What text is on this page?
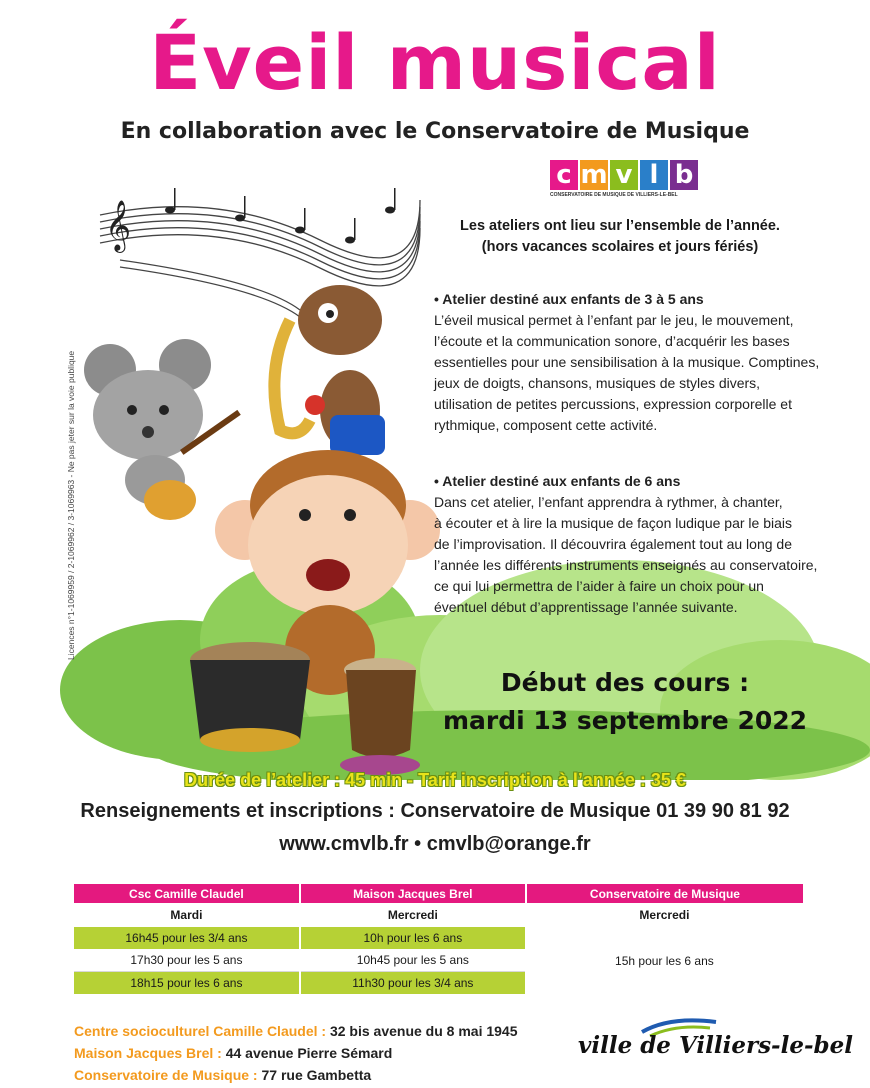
𝄞
Éveil musical
En collaboration avec le Conservatoire de Musique
c m v l b
CONSERVATOIRE DE MUSIQUE DE VILLIERS-LE-BEL
Les ateliers ont lieu sur l’ensemble de l’année.
(hors vacances scolaires et jours fériés)
• Atelier destiné aux enfants de 3 à 5 ans

L’éveil musical permet à l’enfant par le jeu, le mouvement,

l’écoute et la communication sonore, d’acquérir les bases

essentielles pour une sensibilisation à la musique. Comptines,

jeux de doigts, chansons, musiques de styles divers,

utilisation de petites percussions, expression corporelle et

rythmique, composent cette activité.

• Atelier destiné aux enfants de 6 ans

Dans cet atelier, l’enfant apprendra à rythmer, à chanter,

à écouter et à lire la musique de façon ludique par le biais

de l’improvisation. Il découvrira également tout au long de

l’année les différents instruments enseignés au conservatoire,

ce qui lui permettra de l’aider à faire un choix pour un

éventuel début d’apprentissage l’année suivante.

Début des cours :
mardi 13 septembre 2022
Durée de l’atelier : 45 min - Tarif inscription à l’année : 35 €
Renseignements et inscriptions : Conservatoire de Musique 01 39 90 81 92
www.cmvlb.fr • cmvlb@orange.fr
Licences n°1-1069959 / 2-1069962 / 3-1069963 - Ne pas jeter sur la voie publique
Csc Camille Claudel	Maison Jacques Brel	Conservatoire de Musique
Mardi	Mercredi	Mercredi
16h45 pour les 3/4 ans	10h pour les 6 ans	15h pour les 6 ans
17h30 pour les 5 ans	10h45 pour les 5 ans	
18h15 pour les 6 ans	11h30 pour les 3/4 ans	
Centre socioculturel Camille Claudel : 32 bis avenue du 8 mai 1945
Maison Jacques Brel : 44 avenue Pierre Sémard
Conservatoire de Musique : 77 rue Gambetta
ville de Villiers-le-bel
